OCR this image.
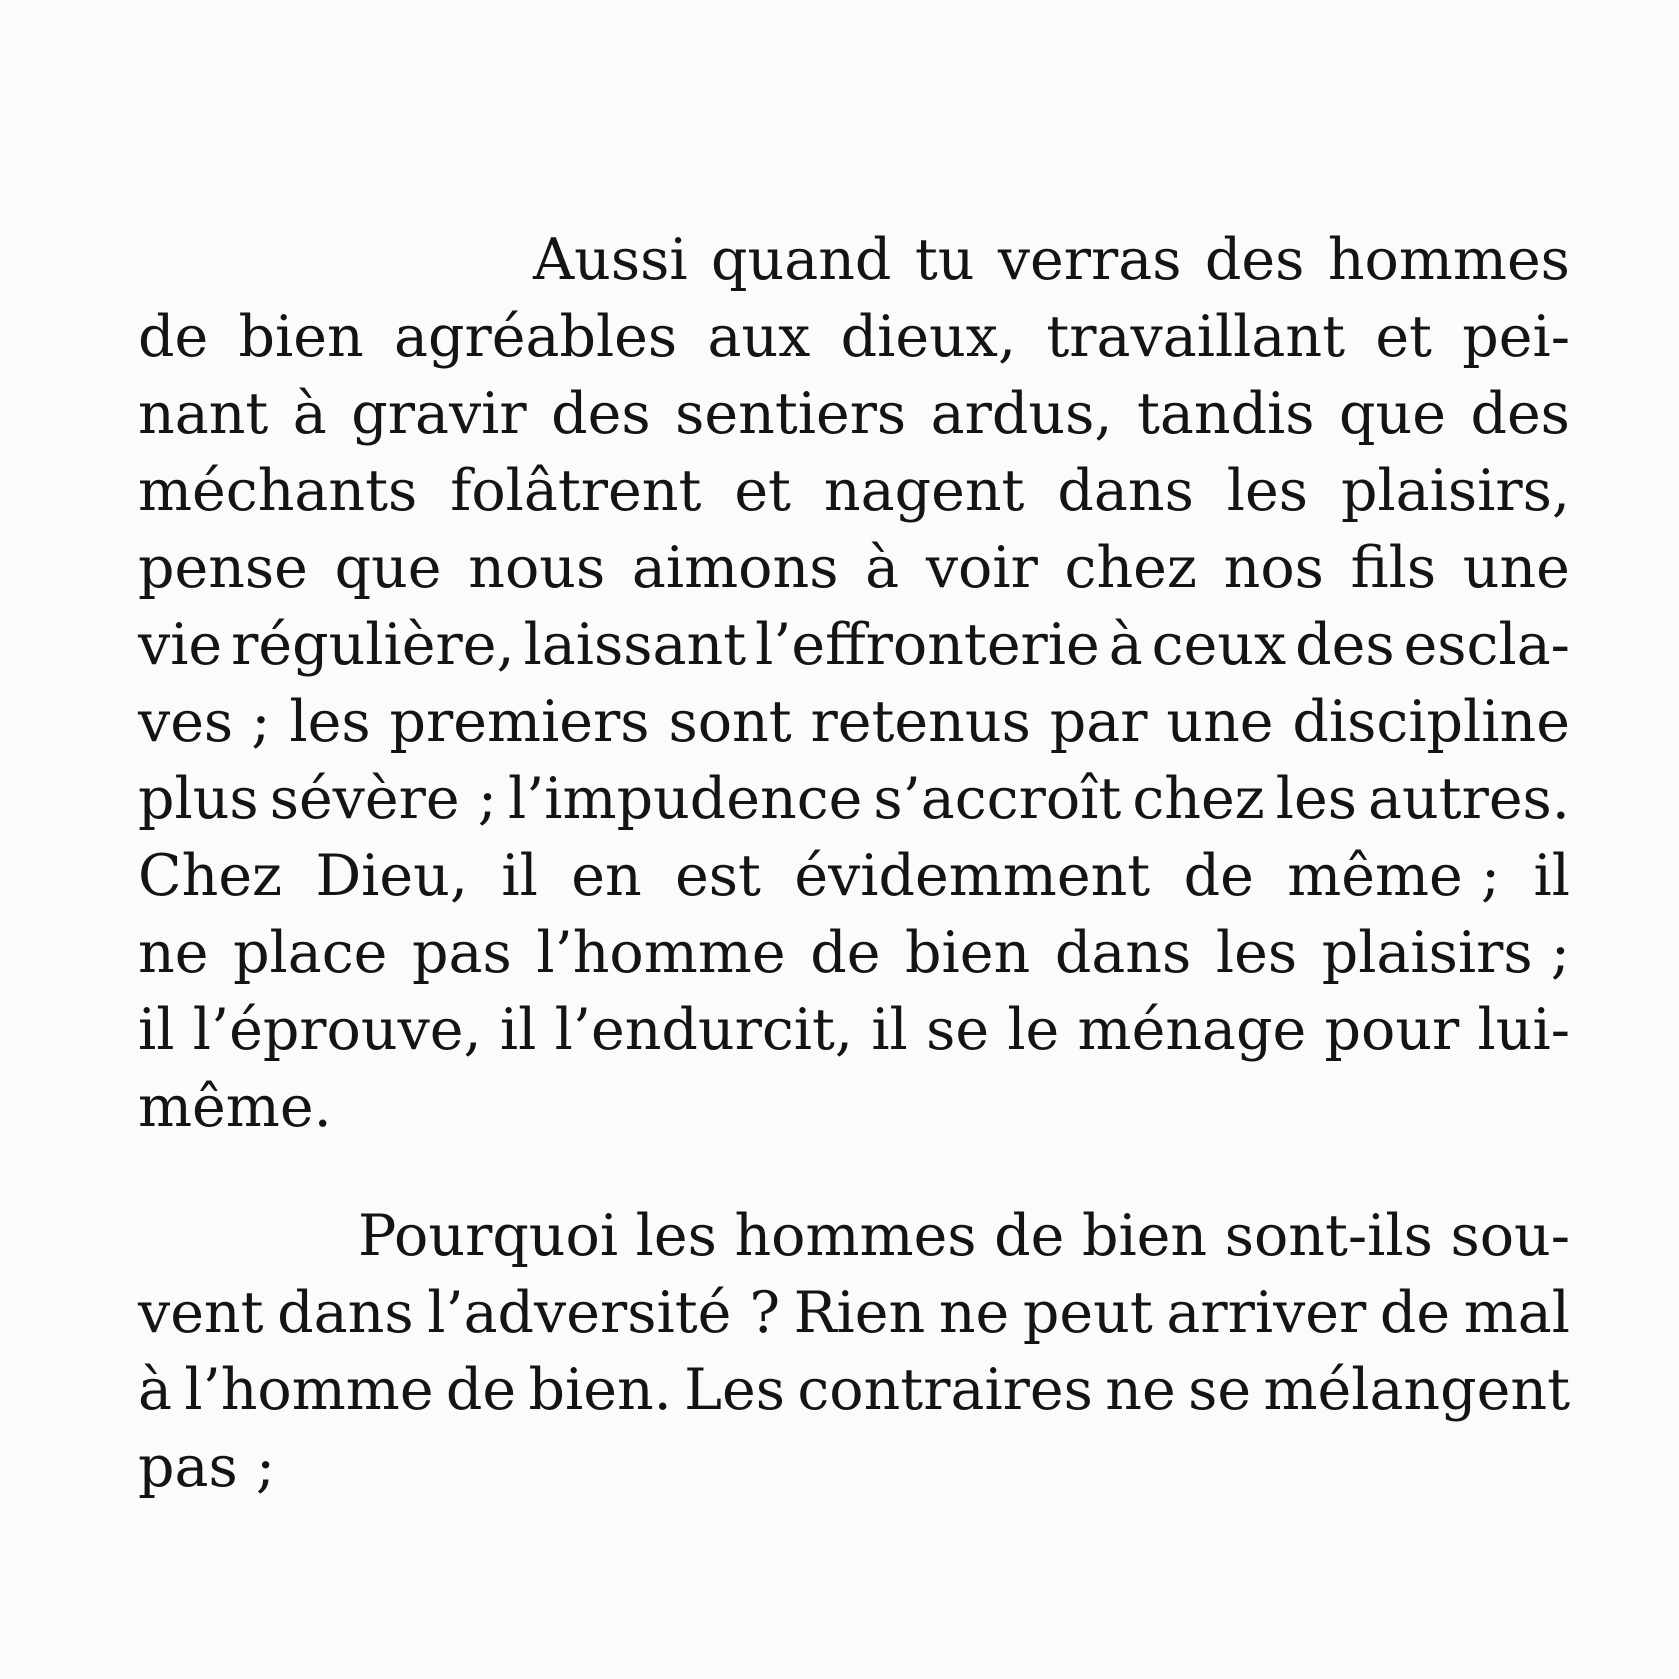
Aussi quand tu verras des hommes
de bien agréables aux dieux, travaillant et pei-
nant à gravir des sentiers ardus, tandis que des
méchants folâtrent et nagent dans les plaisirs,
pense que nous aimons à voir chez nos fils une
vie régulière, laissant l’effronterie à ceux des escla-
ves ; les premiers sont retenus par une discipline
plus sévère ; l’impudence s’accroît chez les autres.
Chez Dieu, il en est évidemment de même ; il
ne place pas l’homme de bien dans les plaisirs ;
il l’éprouve, il l’endurcit, il se le ménage pour lui-
même.
Pourquoi les hommes de bien sont-ils sou-
vent dans l’adversité ? Rien ne peut arriver de mal
à l’homme de bien. Les contraires ne se mélangent
pas ;
